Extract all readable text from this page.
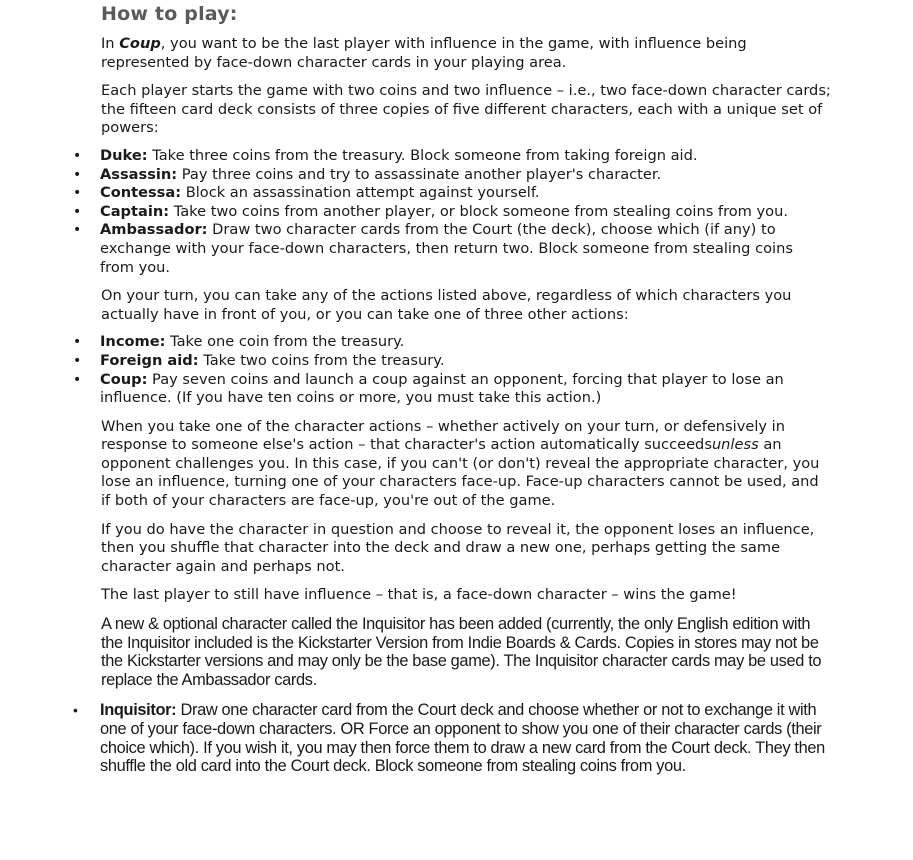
How to play:

In Coup, you want to be the last player with influence in the game, with influence being represented by face-down character cards in your playing area.

Each player starts the game with two coins and two influence – i.e., two face-down character cards; the fifteen card deck consists of three copies of five different characters, each with a unique set of powers:

• Duke: Take three coins from the treasury. Block someone from taking foreign aid.
• Assassin: Pay three coins and try to assassinate another player's character.
• Contessa: Block an assassination attempt against yourself.
• Captain: Take two coins from another player, or block someone from stealing coins from you.
• Ambassador: Draw two character cards from the Court (the deck), choose which (if any) to exchange with your face-down characters, then return two. Block someone from stealing coins from you.

On your turn, you can take any of the actions listed above, regardless of which characters you actually have in front of you, or you can take one of three other actions:

• Income: Take one coin from the treasury.
• Foreign aid: Take two coins from the treasury.
• Coup: Pay seven coins and launch a coup against an opponent, forcing that player to lose an influence. (If you have ten coins or more, you must take this action.)

When you take one of the character actions – whether actively on your turn, or defensively in response to someone else's action – that character's action automatically succeedsunless an opponent challenges you. In this case, if you can't (or don't) reveal the appropriate character, you lose an influence, turning one of your characters face-up. Face-up characters cannot be used, and if both of your characters are face-up, you're out of the game.

If you do have the character in question and choose to reveal it, the opponent loses an influence, then you shuffle that character into the deck and draw a new one, perhaps getting the same character again and perhaps not.

The last player to still have influence – that is, a face-down character – wins the game!

A new & optional character called the Inquisitor has been added (currently, the only English edition with the Inquisitor included is the Kickstarter Version from Indie Boards & Cards. Copies in stores may not be the Kickstarter versions and may only be the base game). The Inquisitor character cards may be used to replace the Ambassador cards.

• Inquisitor: Draw one character card from the Court deck and choose whether or not to exchange it with one of your face-down characters. OR Force an opponent to show you one of their character cards (their choice which). If you wish it, you may then force them to draw a new card from the Court deck. They then shuffle the old card into the Court deck. Block someone from stealing coins from you.
